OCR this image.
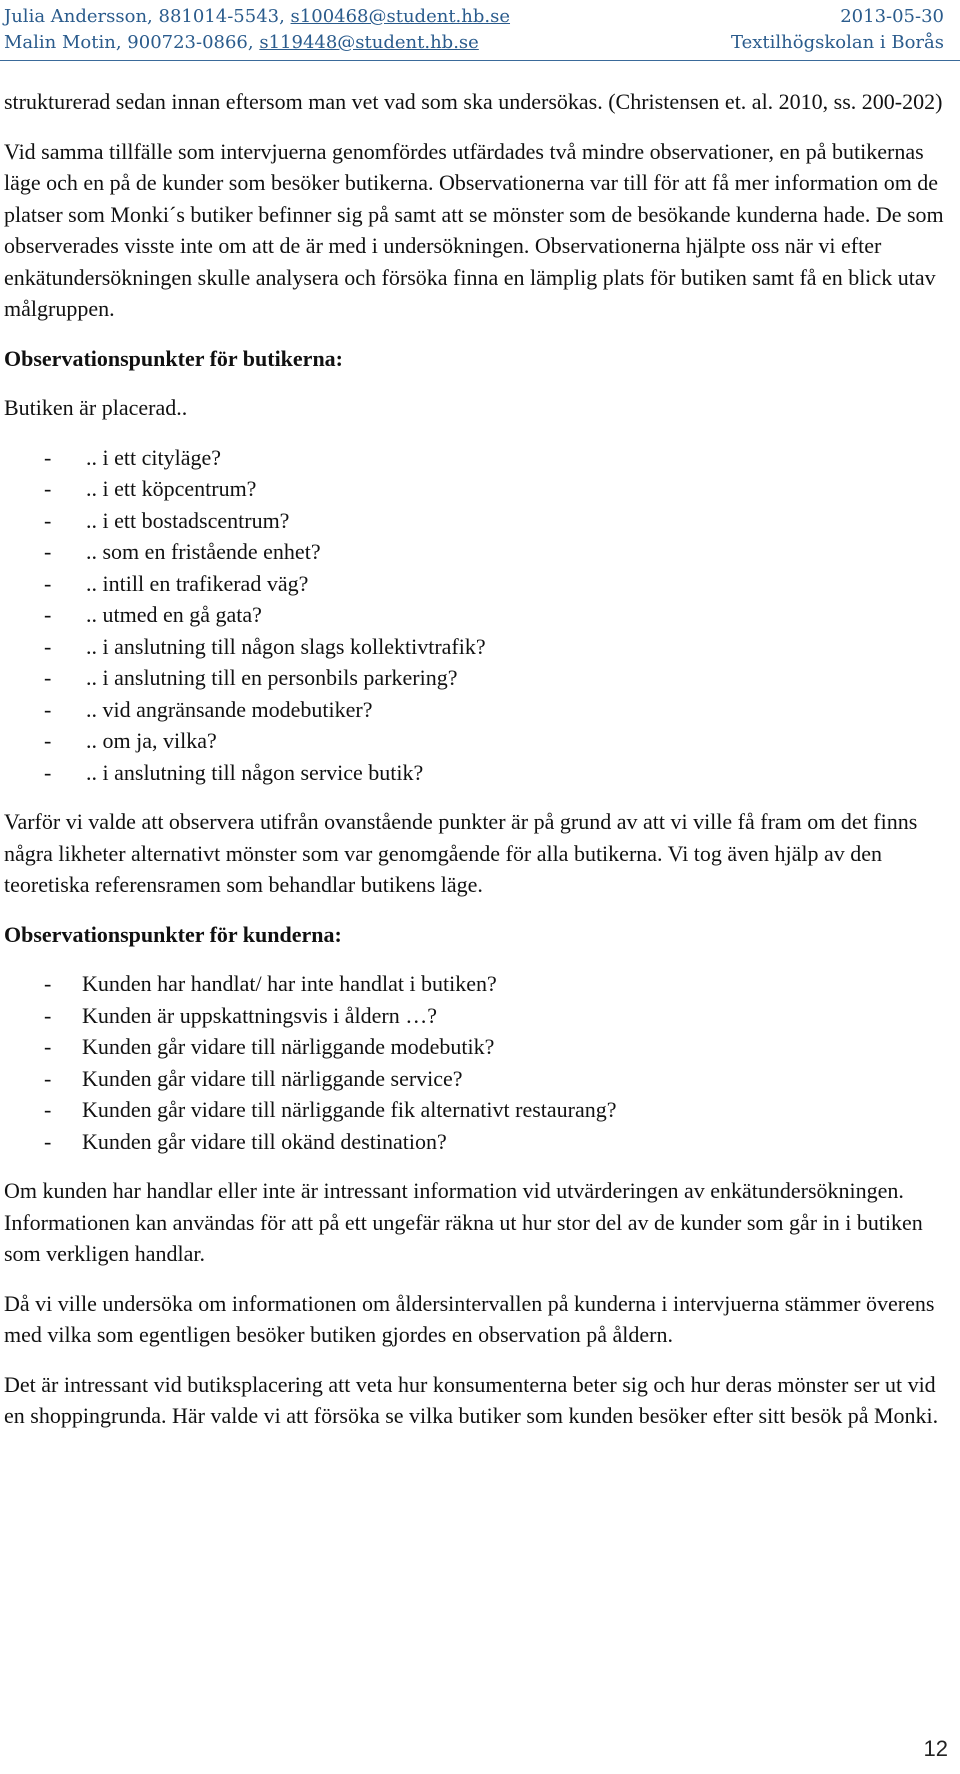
Julia Andersson, 881014-5543, s100468@student.hb.se	2013-05-30
Malin Motin, 900723-0866, s119448@student.hb.se	Textilhögskolan i Borås

strukturerad sedan innan eftersom man vet vad som ska undersökas. (Christensen et. al. 2010, ss. 200-202)

Vid samma tillfälle som intervjuerna genomfördes utfärdades två mindre observationer, en på butikernas läge och en på de kunder som besöker butikerna. Observationerna var till för att få mer information om de platser som Monki´s butiker befinner sig på samt att se mönster som de besökande kunderna hade. De som observerades visste inte om att de är med i undersökningen. Observationerna hjälpte oss när vi efter enkätundersökningen skulle analysera och försöka finna en lämplig plats för butiken samt få en blick utav målgruppen.

Observationspunkter för butikerna:

Butiken är placerad..

-	.. i ett cityläge?
-	.. i ett köpcentrum?
-	.. i ett bostadscentrum?
-	.. som en fristående enhet?
-	.. intill en trafikerad väg?
-	.. utmed en gå gata?
-	.. i anslutning till någon slags kollektivtrafik?
-	.. i anslutning till en personbils parkering?
-	.. vid angränsande modebutiker?
-	.. om ja, vilka?
-	.. i anslutning till någon service butik?

Varför vi valde att observera utifrån ovanstående punkter är på grund av att vi ville få fram om det finns några likheter alternativt mönster som var genomgående för alla butikerna. Vi tog även hjälp av den teoretiska referensramen som behandlar butikens läge.

Observationspunkter för kunderna:

-	Kunden har handlat/ har inte handlat i butiken?
-	Kunden är uppskattningsvis i åldern …?
-	Kunden går vidare till närliggande modebutik?
-	Kunden går vidare till närliggande service?
-	Kunden går vidare till närliggande fik alternativt restaurang?
-	Kunden går vidare till okänd destination?

Om kunden har handlar eller inte är intressant information vid utvärderingen av enkätundersökningen. Informationen kan användas för att på ett ungefär räkna ut hur stor del av de kunder som går in i butiken som verkligen handlar.

Då vi ville undersöka om informationen om åldersintervallen på kunderna i intervjuerna stämmer överens med vilka som egentligen besöker butiken gjordes en observation på åldern.

Det är intressant vid butiksplacering att veta hur konsumenterna beter sig och hur deras mönster ser ut vid en shoppingrunda. Här valde vi att försöka se vilka butiker som kunden besöker efter sitt besök på Monki.

12
